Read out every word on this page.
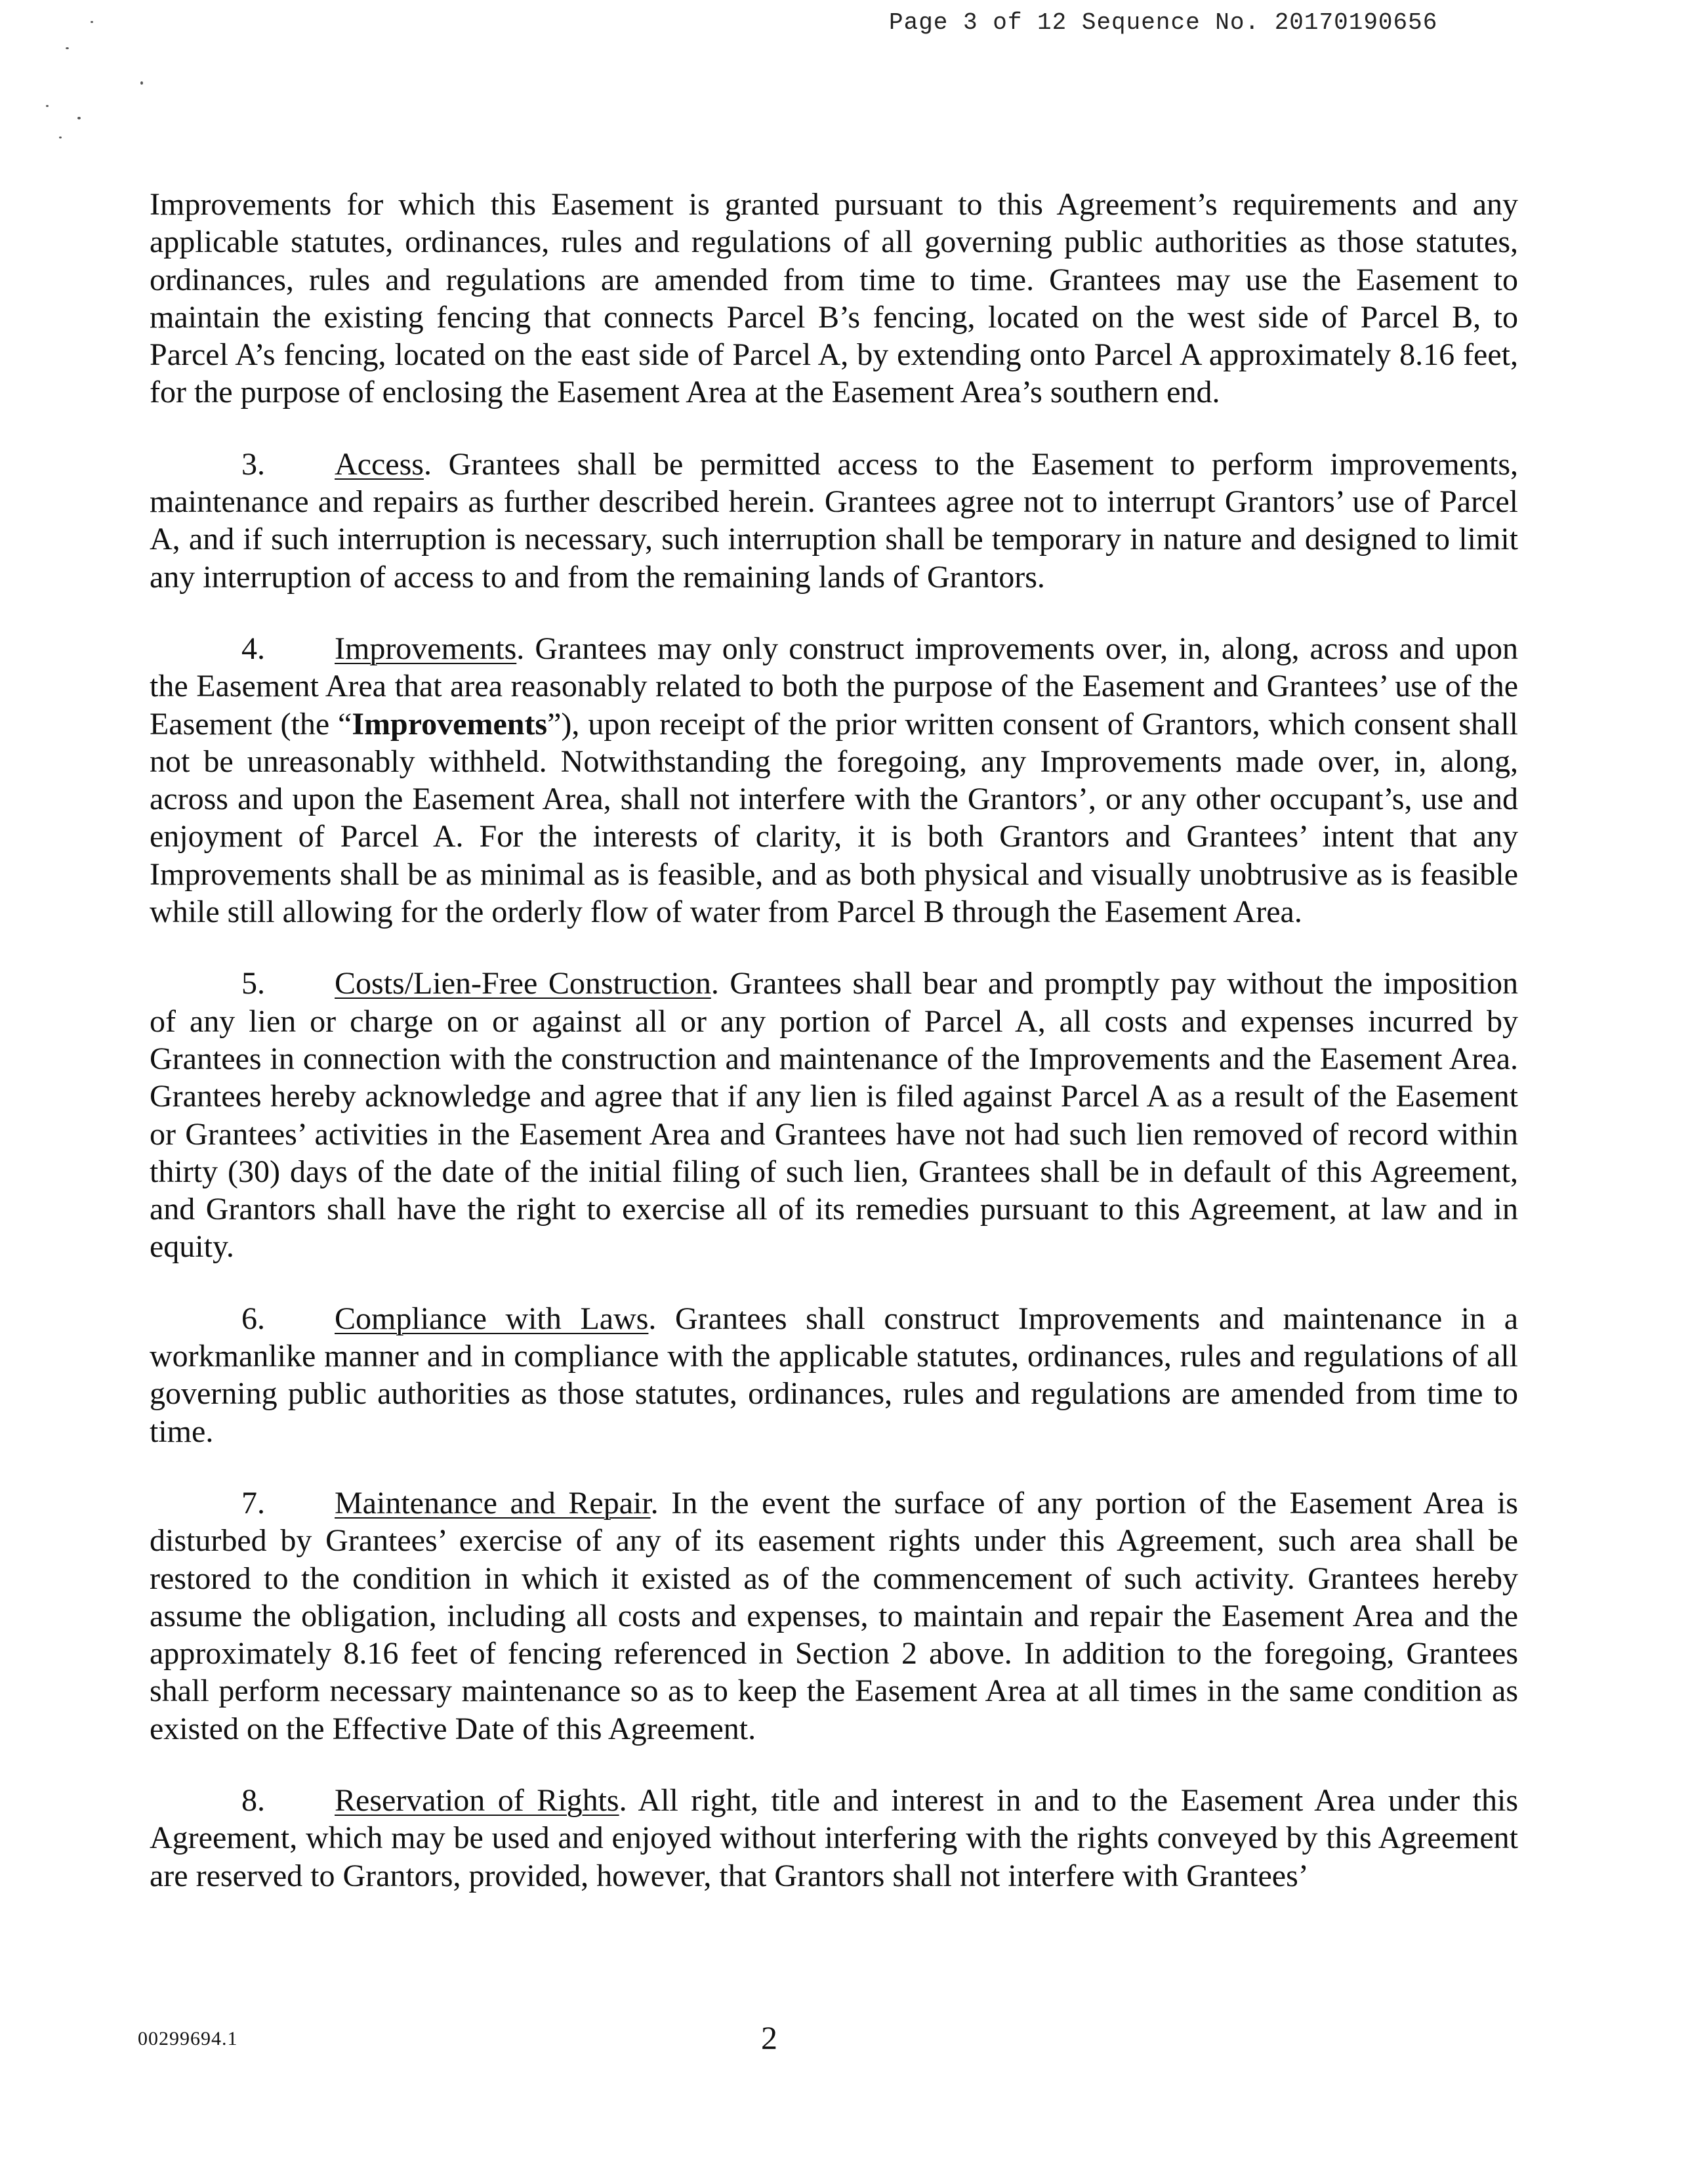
Page 3 of 12 Sequence No. 20170190656

Improvements for which this Easement is granted pursuant to this Agreement’s requirements and any applicable statutes, ordinances, rules and regulations of all governing public authorities as those statutes, ordinances, rules and regulations are amended from time to time. Grantees may use the Easement to maintain the existing fencing that connects Parcel B’s fencing, located on the west side of Parcel B, to Parcel A’s fencing, located on the east side of Parcel A, by extending onto Parcel A approximately 8.16 feet, for the purpose of enclosing the Easement Area at the Easement Area’s southern end.

3. Access. Grantees shall be permitted access to the Easement to perform improvements, maintenance and repairs as further described herein. Grantees agree not to interrupt Grantors’ use of Parcel A, and if such interruption is necessary, such interruption shall be temporary in nature and designed to limit any interruption of access to and from the remaining lands of Grantors.

4. Improvements. Grantees may only construct improvements over, in, along, across and upon the Easement Area that area reasonably related to both the purpose of the Easement and Grantees’ use of the Easement (the “Improvements”), upon receipt of the prior written consent of Grantors, which consent shall not be unreasonably withheld. Notwithstanding the foregoing, any Improvements made over, in, along, across and upon the Easement Area, shall not interfere with the Grantors’, or any other occupant’s, use and enjoyment of Parcel A. For the interests of clarity, it is both Grantors and Grantees’ intent that any Improvements shall be as minimal as is feasible, and as both physical and visually unobtrusive as is feasible while still allowing for the orderly flow of water from Parcel B through the Easement Area.

5. Costs/Lien-Free Construction. Grantees shall bear and promptly pay without the imposition of any lien or charge on or against all or any portion of Parcel A, all costs and expenses incurred by Grantees in connection with the construction and maintenance of the Improvements and the Easement Area. Grantees hereby acknowledge and agree that if any lien is filed against Parcel A as a result of the Easement or Grantees’ activities in the Easement Area and Grantees have not had such lien removed of record within thirty (30) days of the date of the initial filing of such lien, Grantees shall be in default of this Agreement, and Grantors shall have the right to exercise all of its remedies pursuant to this Agreement, at law and in equity.

6. Compliance with Laws. Grantees shall construct Improvements and maintenance in a workmanlike manner and in compliance with the applicable statutes, ordinances, rules and regulations of all governing public authorities as those statutes, ordinances, rules and regulations are amended from time to time.

7. Maintenance and Repair. In the event the surface of any portion of the Easement Area is disturbed by Grantees’ exercise of any of its easement rights under this Agreement, such area shall be restored to the condition in which it existed as of the commencement of such activity. Grantees hereby assume the obligation, including all costs and expenses, to maintain and repair the Easement Area and the approximately 8.16 feet of fencing referenced in Section 2 above. In addition to the foregoing, Grantees shall perform necessary maintenance so as to keep the Easement Area at all times in the same condition as existed on the Effective Date of this Agreement.

8. Reservation of Rights. All right, title and interest in and to the Easement Area under this Agreement, which may be used and enjoyed without interfering with the rights conveyed by this Agreement are reserved to Grantors, provided, however, that Grantors shall not interfere with Grantees’

00299694.1	2
